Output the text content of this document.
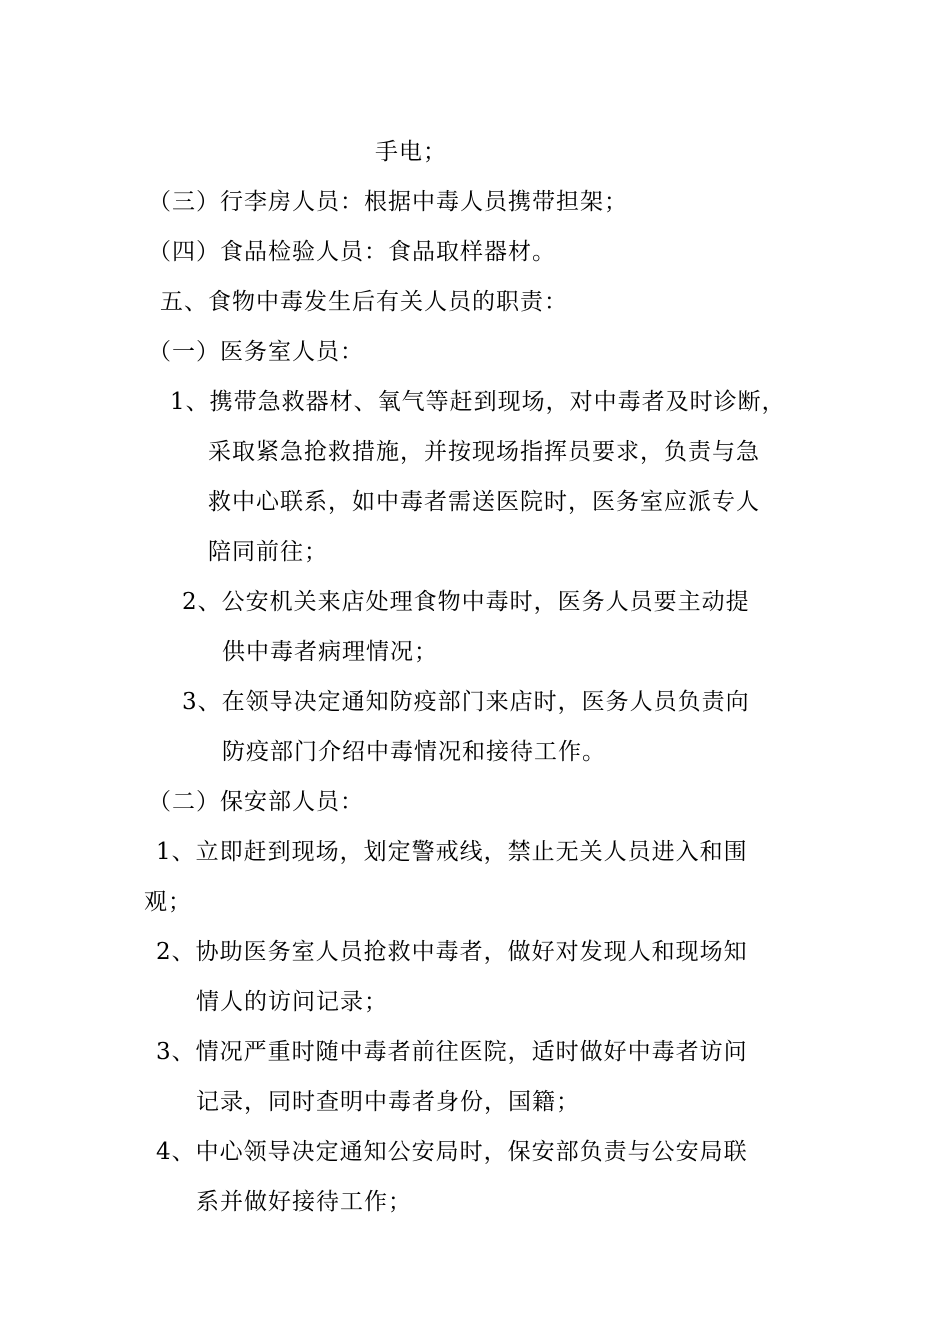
手电；
（三）行李房人员：根据中毒人员携带担架；
（四）食品检验人员：食品取样器材。
五、食物中毒发生后有关人员的职责：
（一）医务室人员：
1、携带急救器材、氧气等赶到现场，对中毒者及时诊断，
采取紧急抢救措施，并按现场指挥员要求，负责与急
救中心联系，如中毒者需送医院时，医务室应派专人
陪同前往；
2、公安机关来店处理食物中毒时，医务人员要主动提
供中毒者病理情况；
3、在领导决定通知防疫部门来店时，医务人员负责向
防疫部门介绍中毒情况和接待工作。
（二）保安部人员：
1、立即赶到现场，划定警戒线，禁止无关人员进入和围
观；
2、协助医务室人员抢救中毒者，做好对发现人和现场知
情人的访问记录；
3、情况严重时随中毒者前往医院，适时做好中毒者访问
记录，同时查明中毒者身份，国籍；
4、中心领导决定通知公安局时，保安部负责与公安局联
系并做好接待工作；
